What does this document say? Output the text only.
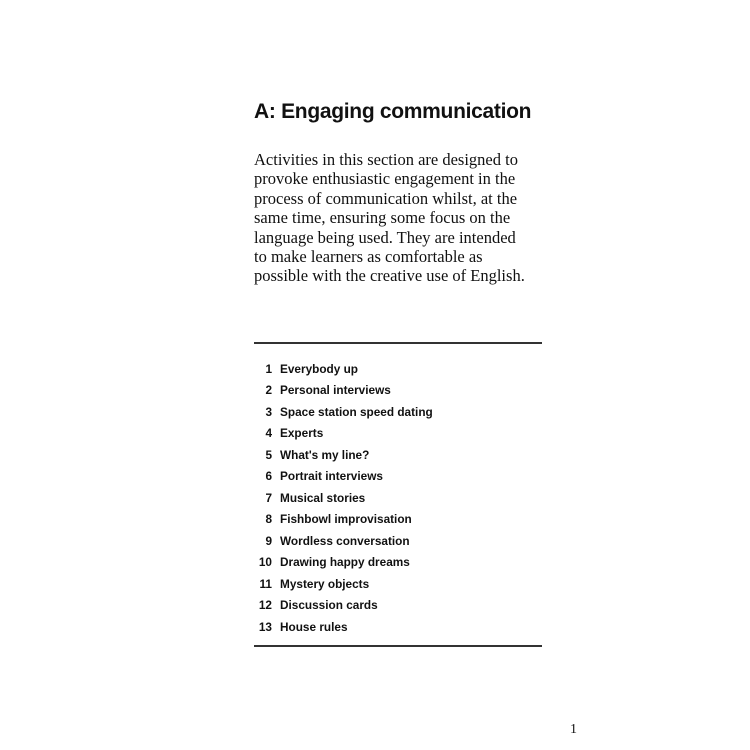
A: Engaging communication

Activities in this section are designed to
provoke enthusiastic engagement in the
process of communication whilst, at the
same time, ensuring some focus on the
language being used. They are intended
to make learners as comfortable as
possible with the creative use of English.

1 Everybody up
2 Personal interviews
3 Space station speed dating
4 Experts
5 What's my line?
6 Portrait interviews
7 Musical stories
8 Fishbowl improvisation
9 Wordless conversation
10 Drawing happy dreams
11 Mystery objects
12 Discussion cards
13 House rules
1
